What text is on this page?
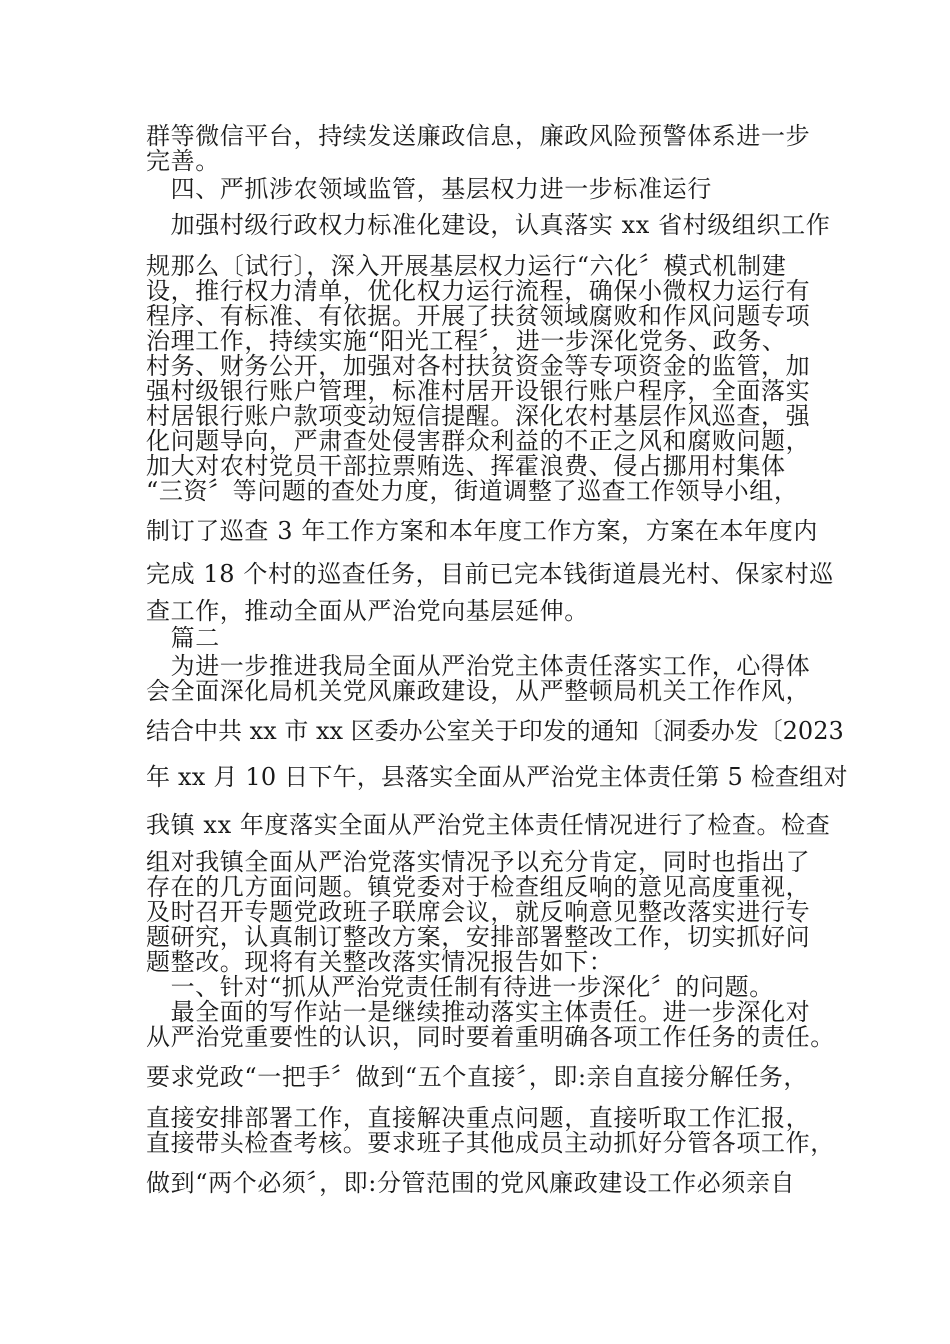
群等微信平台，持续发送廉政信息，廉政风险预警体系进一步
完善。
　四、严抓涉农领域监管，基层权力进一步标准运行
　加强村级行政权力标准化建设，认真落实 xx 省村级组织工作
规那么〔试行〕，深入开展基层权力运行“六化〞模式机制建
设，推行权力清单，优化权力运行流程，确保小微权力运行有
程序、有标准、有依据。开展了扶贫领域腐败和作风问题专项
治理工作，持续实施“阳光工程〞，进一步深化党务、政务、
村务、财务公开，加强对各村扶贫资金等专项资金的监管，加
强村级银行账户管理，标准村居开设银行账户程序，全面落实
村居银行账户款项变动短信提醒。深化农村基层作风巡查，强
化问题导向，严肃查处侵害群众利益的不正之风和腐败问题，
加大对农村党员干部拉票贿选、挥霍浪费、侵占挪用村集体
“三资〞等问题的查处力度，街道调整了巡查工作领导小组，
制订了巡查 3 年工作方案和本年度工作方案，方案在本年度内
完成 18 个村的巡查任务，目前已完本钱街道晨光村、保家村巡
查工作，推动全面从严治党向基层延伸。
　篇二
　为进一步推进我局全面从严治党主体责任落实工作，心得体
会全面深化局机关党风廉政建设，从严整顿局机关工作作风，
结合中共 xx 市 xx 区委办公室关于印发的通知〔洞委办发〔2023
年 xx 月 10 日下午，县落实全面从严治党主体责任第 5 检查组对
我镇 xx 年度落实全面从严治党主体责任情况进行了检查。检查
组对我镇全面从严治党落实情况予以充分肯定，同时也指出了
存在的几方面问题。镇党委对于检查组反响的意见高度重视，
及时召开专题党政班子联席会议，就反响意见整改落实进行专
题研究，认真制订整改方案，安排部署整改工作，切实抓好问
题整改。现将有关整改落实情况报告如下：
　一、针对“抓从严治党责任制有待进一步深化〞的问题。
　最全面的写作站一是继续推动落实主体责任。进一步深化对
从严治党重要性的认识，同时要着重明确各项工作任务的责任。
要求党政“一把手〞做到“五个直接〞，即:亲自直接分解任务，
直接安排部署工作，直接解决重点问题，直接听取工作汇报，
直接带头检查考核。要求班子其他成员主动抓好分管各项工作，
做到“两个必须〞，即:分管范围的党风廉政建设工作必须亲自
